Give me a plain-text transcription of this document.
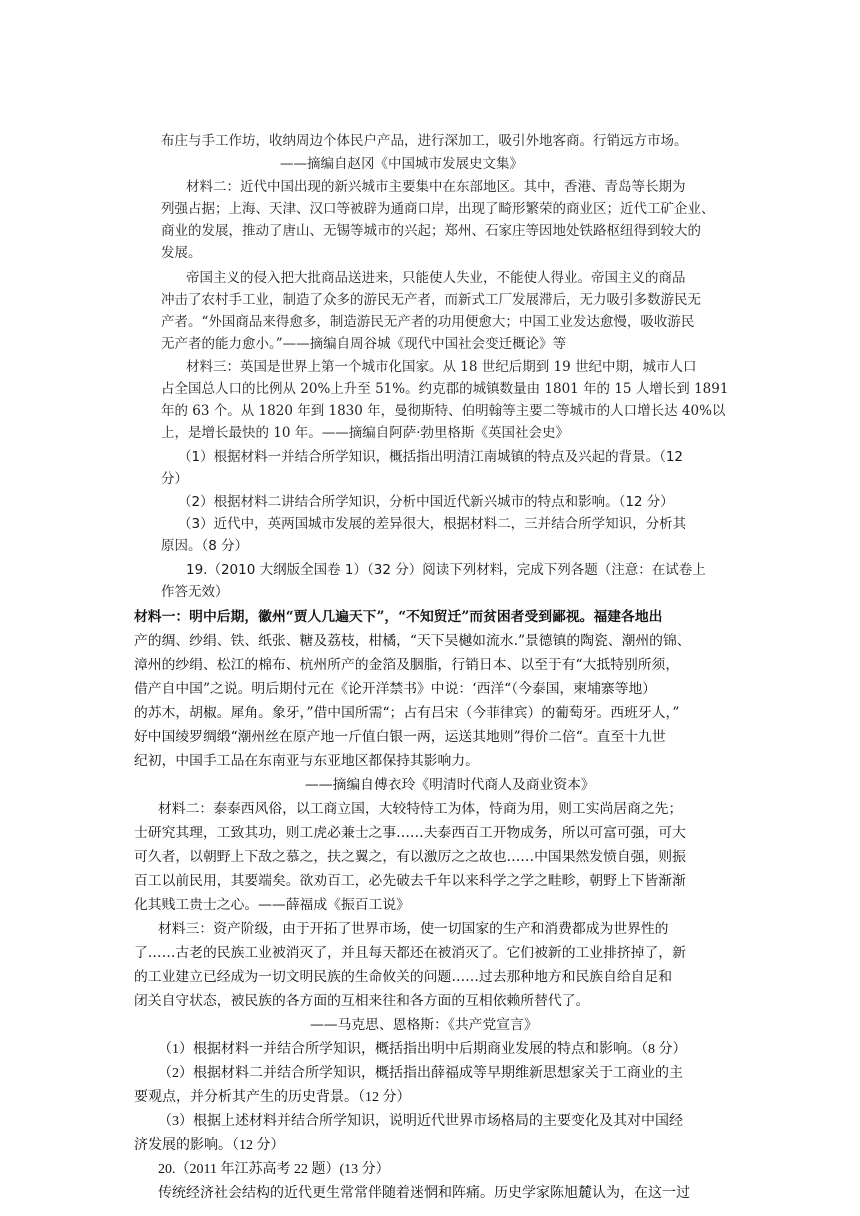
布庄与手工作坊，收纳周边个体民户产品，进行深加工，吸引外地客商。行销远方市场。
——摘编自赵冈《中国城市发展史文集》
材料二：近代中国出现的新兴城市主要集中在东部地区。其中，香港、青岛等长期为
列强占据；上海、天津、汉口等被辟为通商口岸，出现了畸形繁荣的商业区；近代工矿企业、
商业的发展，推动了唐山、无锡等城市的兴起；郑州、石家庄等因地处铁路枢纽得到较大的
发展。
帝国主义的侵入把大批商品送进来，只能使人失业，不能使人得业。帝国主义的商品
冲击了农村手工业，制造了众多的游民无产者，而新式工厂发展滞后，无力吸引多数游民无
产者。“外国商品来得愈多，制造游民无产者的功用便愈大；中国工业发达愈慢，吸收游民
无产者的能力愈小。”——摘编自周谷城《现代中国社会变迁概论》等
材料三：英国是世界上第一个城市化国家。从 18 世纪后期到 19 世纪中期，城市人口
占全国总人口的比例从 20%上升至 51%。约克郡的城镇数量由 1801 年的 15 人增长到 1891
年的 63 个。从 1820 年到 1830 年，曼彻斯特、伯明翰等主要二等城市的人口增长达 40%以
上，是增长最快的 10 年。——摘编自阿萨·勃里格斯《英国社会史》
（1）根据材料一并结合所学知识，概括指出明清江南城镇的特点及兴起的背景。（12
分）
（2）根据材料二讲结合所学知识，分析中国近代新兴城市的特点和影响。（12 分）
（3）近代中，英两国城市发展的差异很大，根据材料二，三并结合所学知识，分析其
原因。（8 分）
19.（2010 大纲版全国卷 1）（32 分）阅读下列材料，完成下列各题（注意：在试卷上
作答无效）
材料一：明中后期，徽州“贾人几遍天下”，“不知贸迁”而贫困者受到鄙视。福建各地出
产的绸、纱绢、铁、纸张、糖及荔枝，柑橘，“天下吴樾如流水.”景德镇的陶瓷、潮州的锦、
漳州的纱绢、松江的棉布、杭州所产的金箔及胭脂，行销日本、以至于有“大抵特别所须，
借产自中国”之说。明后期付元在《论开洋禁书》中说：‘西洋“（今泰国，柬埔寨等地）
的苏木，胡椒。犀角。象牙，”借中国所需“；占有吕宋（今菲律宾）的葡萄牙。西班牙人，”
好中国绫罗绸缎“潮州丝在原产地一斤值白银一两，运送其地则”得价二倍“。直至十九世
纪初，中国手工品在东南亚与东亚地区都保持其影响力。
——摘编自傅衣玲《明清时代商人及商业资本》
材料二：泰泰西风俗，以工商立国，大较特恃工为体，恃商为用，则工实尚居商之先；
士研究其理，工致其功，则工虎必兼士之事……夫泰西百工开物成务，所以可富可强，可大
可久者，以朝野上下敌之慕之，扶之翼之，有以激厉之之故也……中国果然发愤自强，则振
百工以前民用，其要端矣。欲劝百工，必先破去千年以来科学之学之畦畛，朝野上下皆渐渐
化其贱工贵士之心。——薛福成《振百工说》
材料三：资产阶级，由于开拓了世界市场，使一切国家的生产和消费都成为世界性的
了……古老的民族工业被消灭了，并且每天都还在被消灭了。它们被新的工业排挤掉了，新
的工业建立已经成为一切文明民族的生命攸关的问题……过去那种地方和民族自给自足和
闭关自守状态，被民族的各方面的互相来往和各方面的互相依赖所替代了。
——马克思、恩格斯：《共产党宣言》
（1）根据材料一并结合所学知识，概括指出明中后期商业发展的特点和影响。（8 分）
（2）根据材料二并结合所学知识，概括指出薛福成等早期维新思想家关于工商业的主
要观点，并分析其产生的历史背景。（12 分）
（3）根据上述材料并结合所学知识，说明近代世界市场格局的主要变化及其对中国经
济发展的影响。（12 分）
20.（2011 年江苏高考 22 题）(13 分）
传统经济社会结构的近代更生常常伴随着迷惘和阵痛。历史学家陈旭麓认为，在这一过
